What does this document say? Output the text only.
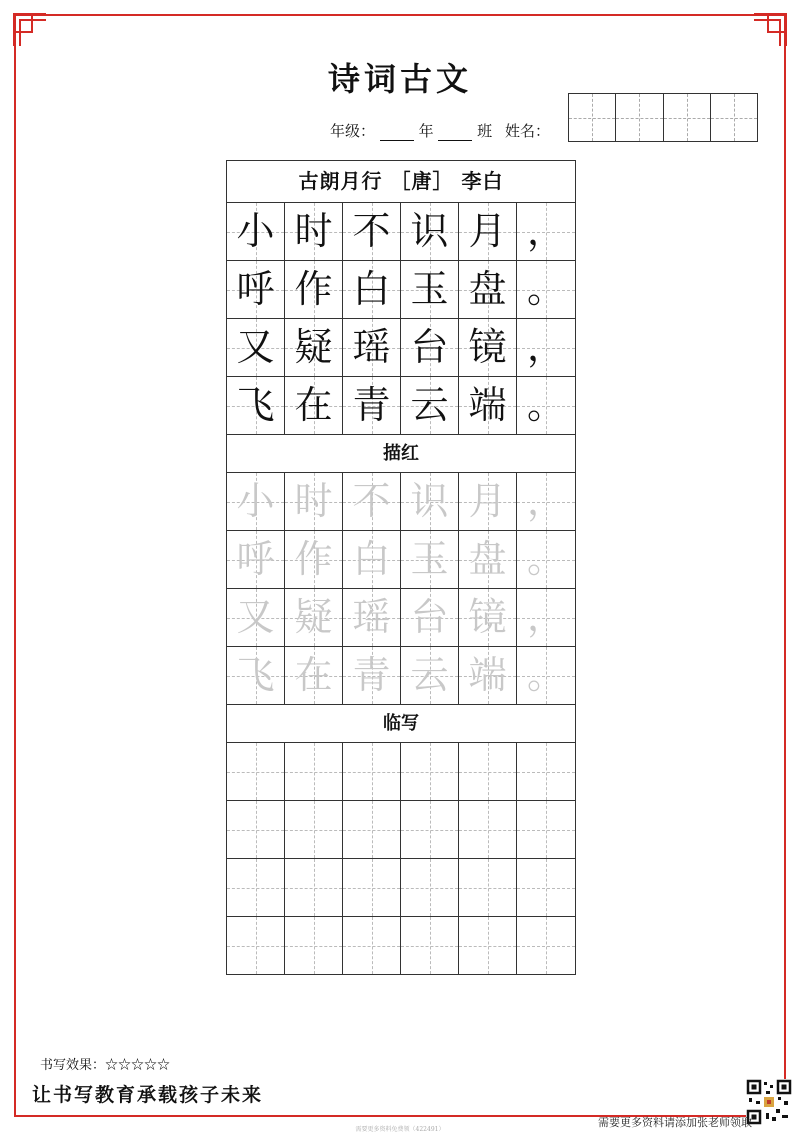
诗词古文
年级：	年	班 姓名：
古朗月行 ［唐］ 李白
小 时 不 识 月 ，
呼 作 白 玉 盘 。
又 疑 瑶 台 镜 ，
飞 在 青 云 端 。
描红
小 时 不 识 月 ，
呼 作 白 玉 盘 。
又 疑 瑶 台 镜 ，
飞 在 青 云 端 。
临写
书写效果：☆☆☆☆☆
让书写教育承载孩子未来
需要更多资料请添加张老师领取
需要更多资料免费领（422491）
